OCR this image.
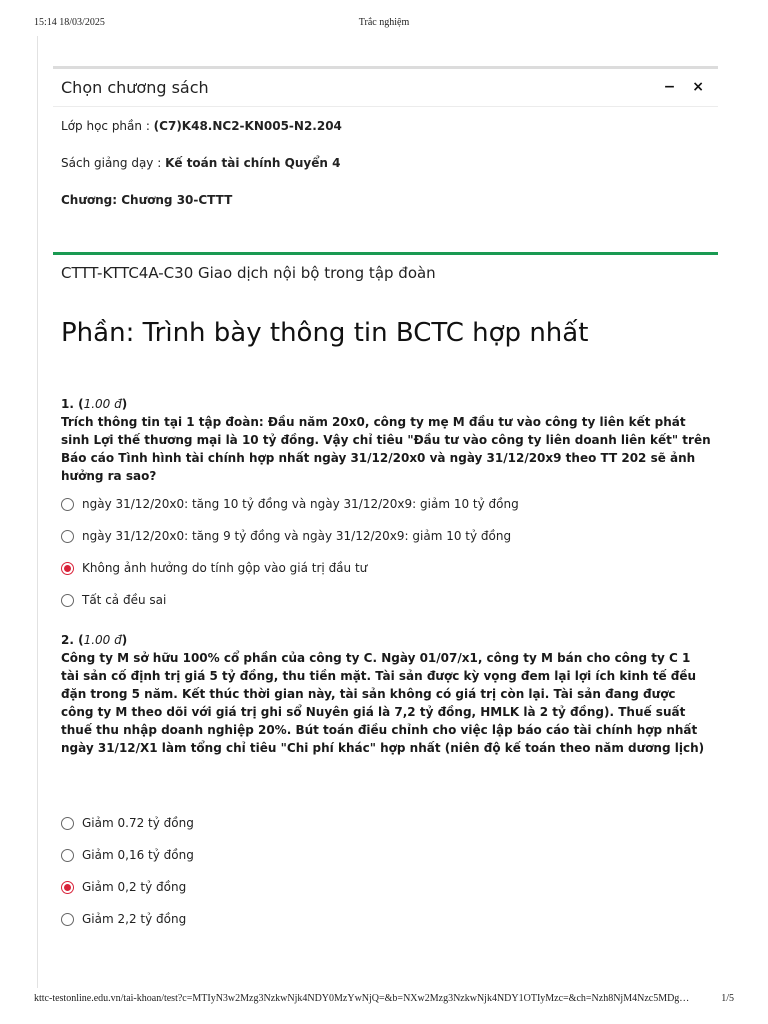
15:14 18/03/2025	Trắc nghiệm
Chọn chương sách	− ×
Lớp học phần : (C7)K48.NC2-KN005-N2.204
Sách giảng dạy : Kế toán tài chính Quyển 4
Chương: Chương 30-CTTT
CTTT-KTTC4A-C30 Giao dịch nội bộ trong tập đoàn
Phần: Trình bày thông tin BCTC hợp nhất
1. (1.00 đ)
Trích thông tin tại 1 tập đoàn: Đầu năm 20x0, công ty mẹ M đầu tư vào công ty liên kết phát sinh Lợi thế thương mại là 10 tỷ đồng. Vậy chỉ tiêu "Đầu tư vào công ty liên doanh liên kết" trên Báo cáo Tình hình tài chính hợp nhất ngày 31/12/20x0 và ngày 31/12/20x9 theo TT 202 sẽ ảnh hưởng ra sao?
ngày 31/12/20x0: tăng 10 tỷ đồng và ngày 31/12/20x9: giảm 10 tỷ đồng
ngày 31/12/20x0: tăng 9 tỷ đồng và ngày 31/12/20x9: giảm 10 tỷ đồng
Không ảnh hưởng do tính gộp vào giá trị đầu tư
Tất cả đều sai
2. (1.00 đ)
Công ty M sở hữu 100% cổ phần của công ty C. Ngày 01/07/x1, công ty M bán cho công ty C 1 tài sản cố định trị giá 5 tỷ đồng, thu tiền mặt. Tài sản được kỳ vọng đem lại lợi ích kinh tế đều đặn trong 5 năm. Kết thúc thời gian này, tài sản không có giá trị còn lại. Tài sản đang được công ty M theo dõi với giá trị ghi sổ Nuyên giá là 7,2 tỷ đồng, HMLK là 2 tỷ đồng). Thuế suất thuế thu nhập doanh nghiệp 20%. Bút toán điều chỉnh cho việc lập báo cáo tài chính hợp nhất ngày 31/12/X1 làm tổng chỉ tiêu "Chi phí khác" hợp nhất (niên độ kế toán theo năm dương lịch)
Giảm 0.72 tỷ đồng
Giảm 0,16 tỷ đồng
Giảm 0,2 tỷ đồng
Giảm 2,2 tỷ đồng
kttc-testonline.edu.vn/tai-khoan/test?c=MTIyN3w2Mzg3NzkwNjk4NDY0MzYwNjQ=&b=NXw2Mzg3NzkwNjk4NDY1OTIyMzc=&ch=Nzh8NjM4Nzc5MDg…	1/5
